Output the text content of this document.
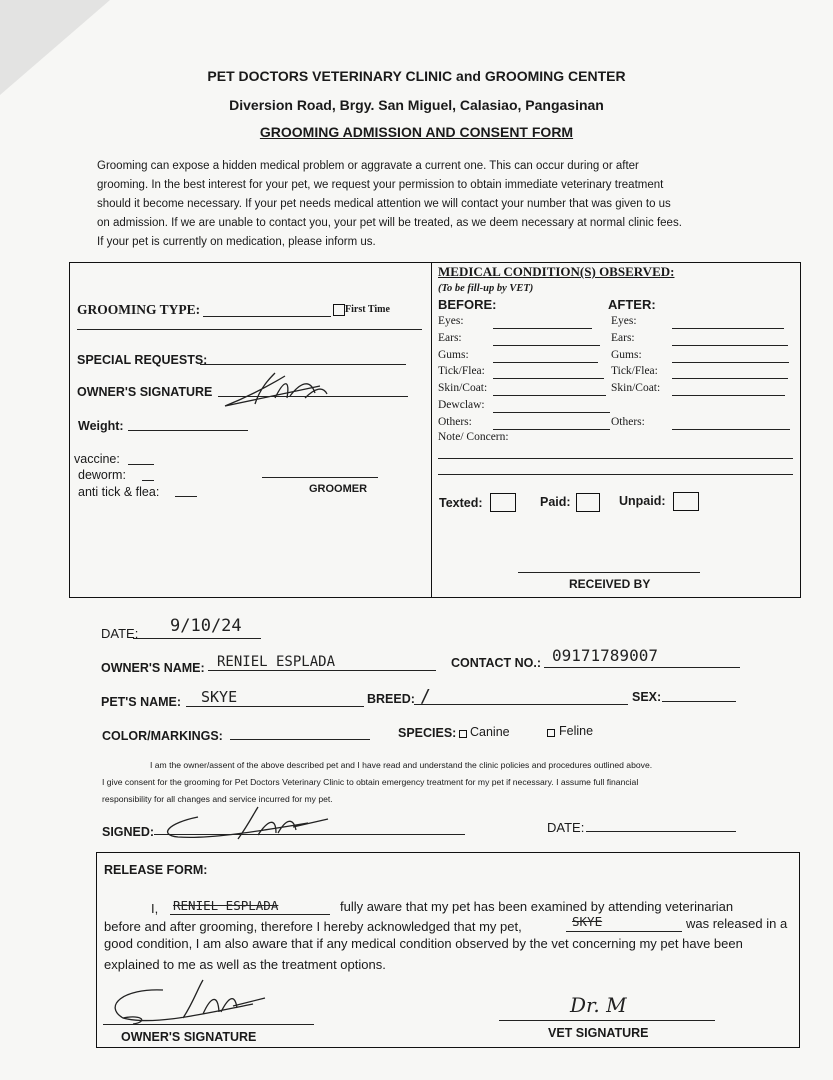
PET DOCTORS VETERINARY CLINIC and GROOMING CENTER
Diversion Road, Brgy. San Miguel, Calasiao, Pangasinan
GROOMING ADMISSION AND CONSENT FORM
Grooming can expose a hidden medical problem or aggravate a current one. This can occur during or after
grooming. In the best interest for your pet, we request your permission to obtain immediate veterinary treatment
should it become necessary. If your pet needs medical attention we will contact your number that was given to us
on admission. If we are unable to contact you, your pet will be treated, as we deem necessary at normal clinic fees.
If your pet is currently on medication, please inform us.
GROOMING TYPE:	First Time
SPECIAL REQUESTS:
OWNER'S SIGNATURE
Weight:
vaccine:
deworm:
anti tick & flea:	GROOMER
MEDICAL CONDITION(S) OBSERVED:
(To be fill-up by VET)
BEFORE:	AFTER:
Eyes:	Eyes:
Ears:	Ears:
Gums:	Gums:
Tick/Flea:	Tick/Flea:
Skin/Coat:	Skin/Coat:
Dewclaw:
Others:	Others:
Note/ Concern:
Texted:	Paid:	Unpaid:
RECEIVED BY
DATE: 9/10/24
OWNER'S NAME: RENIEL ESPLADA	CONTACT NO.: 09171789007
PET'S NAME: SKYE	BREED: /	SEX:
COLOR/MARKINGS:	SPECIES: Canine	Feline
I am the owner/assent of the above described pet and I have read and understand the clinic policies and procedures outlined above.
I give consent for the grooming for Pet Doctors Veterinary Clinic to obtain emergency treatment for my pet if necessary. I assume full financial
responsibility for all changes and service incurred for my pet.
SIGNED:	DATE:
RELEASE FORM:
I, RENIEL ESPLADA	fully aware that my pet has been examined by attending veterinarian
before and after grooming, therefore I hereby acknowledged that my pet,	SKYE	was released in a
good condition, I am also aware that if any medical condition observed by the vet concerning my pet have been
explained to me as well as the treatment options.
OWNER'S SIGNATURE
Dr. M
VET SIGNATURE
